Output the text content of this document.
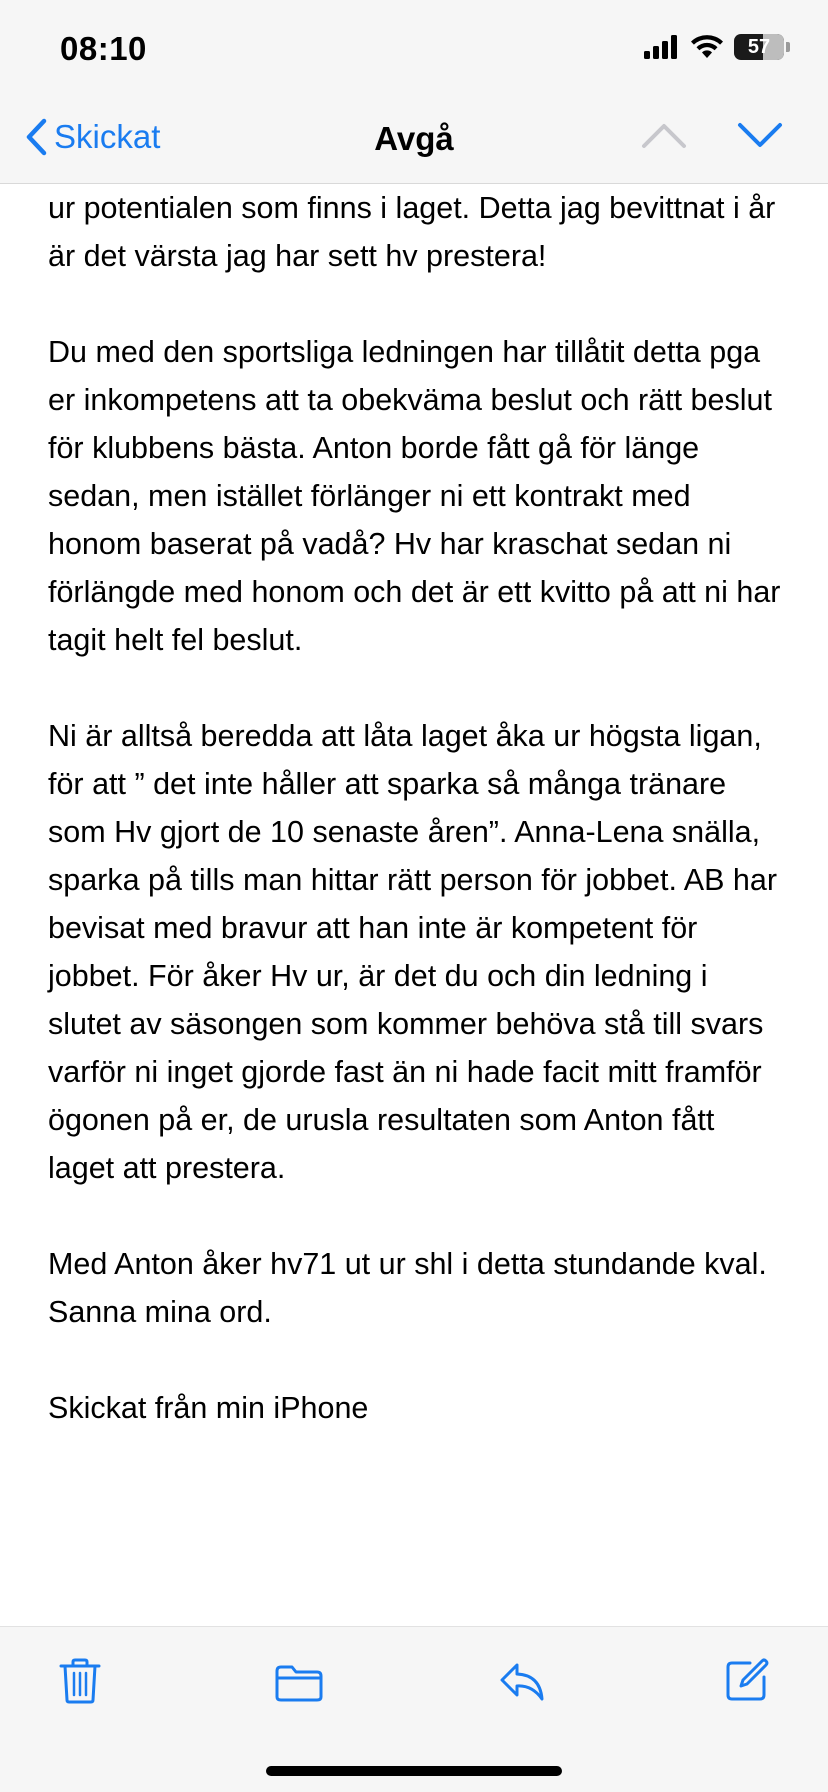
ur potentialen som finns i laget. Detta jag bevittnat i år är det värsta jag har sett hv prestera!

Du med den sportsliga ledningen har tillåtit detta pga er inkompetens att ta obekväma beslut och rätt beslut för klubbens bästa. Anton borde fått gå för länge sedan, men istället förlänger ni ett kontrakt med honom baserat på vadå? Hv har kraschat sedan ni förlängde med honom och det är ett kvitto på att ni har tagit helt fel beslut.

Ni är alltså beredda att låta laget åka ur högsta ligan, för att ” det inte håller att sparka så många tränare som Hv gjort de 10 senaste åren”. Anna-Lena snälla, sparka på tills man hittar rätt person för jobbet. AB har bevisat med bravur att han inte är kompetent för jobbet. För åker Hv ur, är det du och din ledning i slutet av säsongen som kommer behöva stå till svars varför ni inget gjorde fast än ni hade facit mitt framför ögonen på er, de urusla resultaten som Anton fått laget att prestera.

Med Anton åker hv71 ut ur shl i detta stundande kval. Sanna mina ord.

Skickat från min iPhone

08:10	57
Skickat	Avgå
